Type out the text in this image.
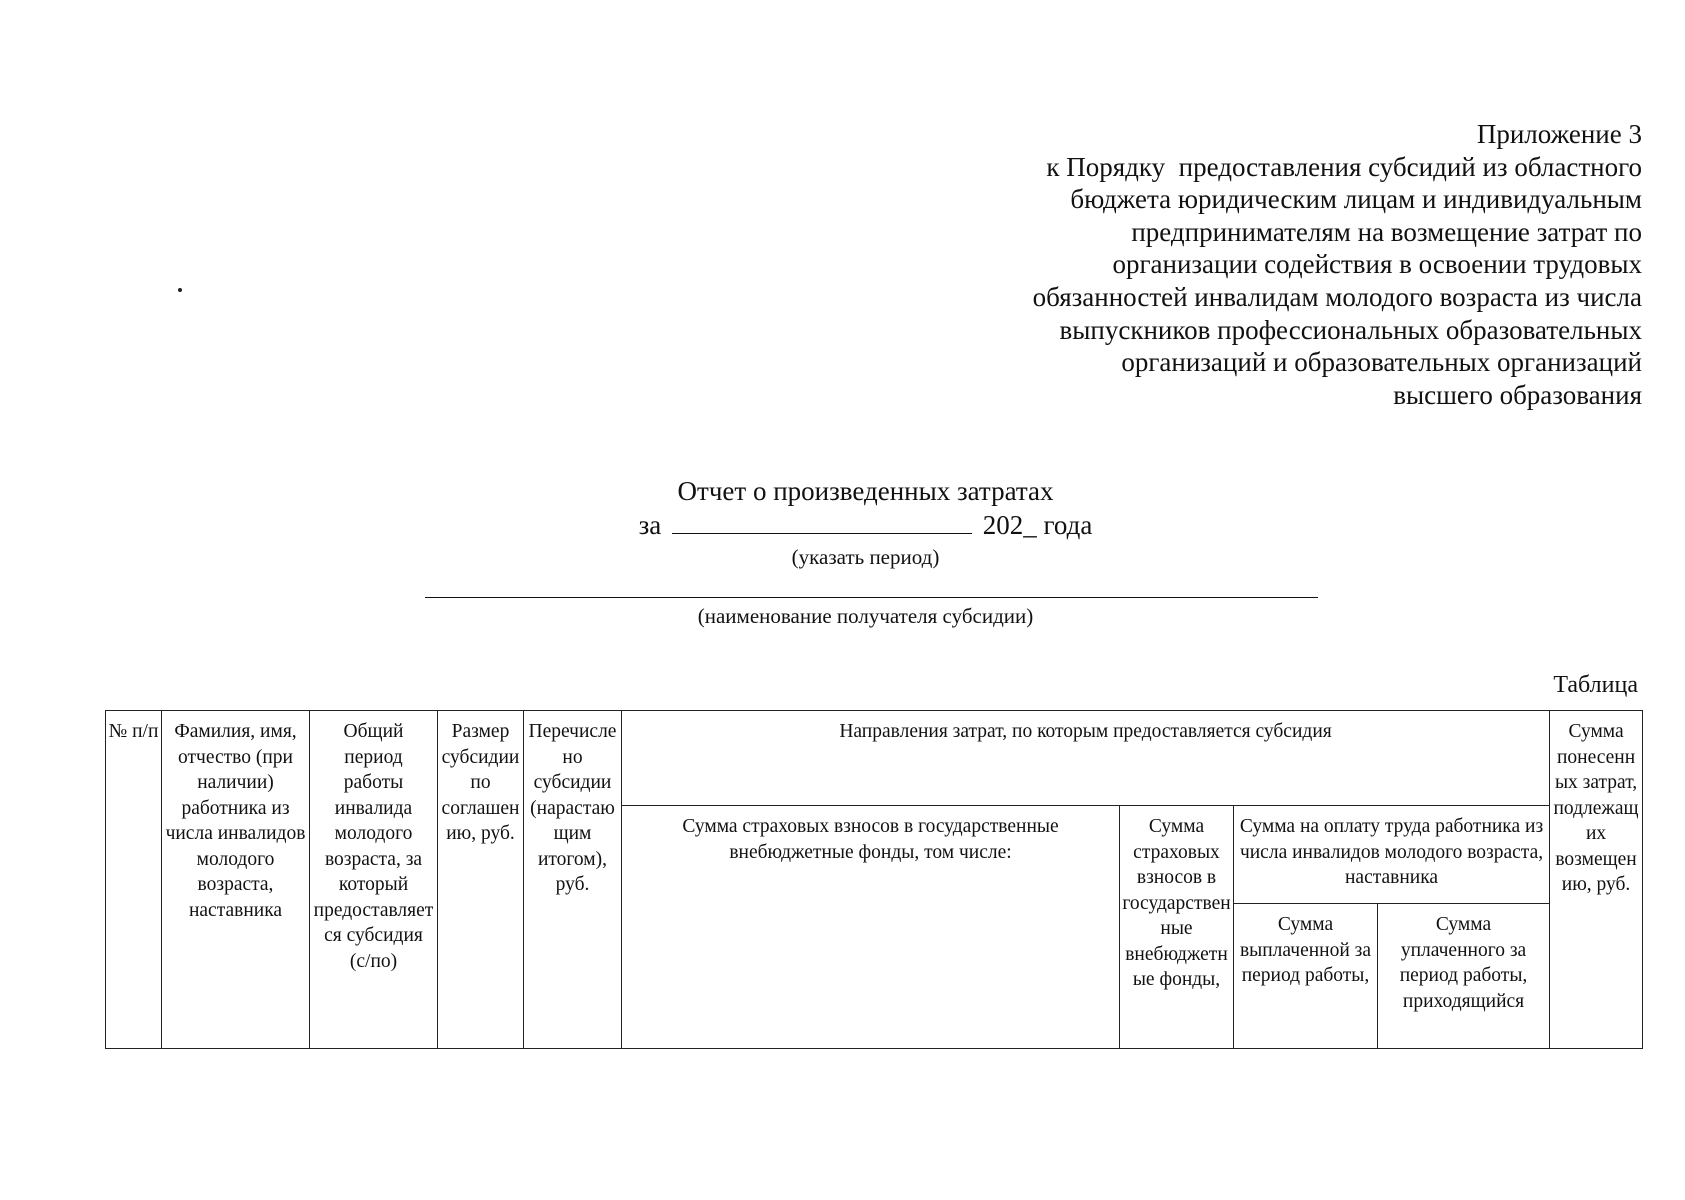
Приложение 3
к Порядку  предоставления субсидий из областного
бюджета юридическим лицам и индивидуальным
предпринимателям на возмещение затрат по
организации содействия в освоении трудовых
обязанностей инвалидам молодого возраста из числа
выпускников профессиональных образовательных
организаций и образовательных организаций
высшего образования
Отчет о произведенных затратах
за	202_ года
(указать период)
(наименование получателя субсидии)
Таблица
№ п/п	Фамилия, имя, отчество (при наличии) работника из числа инвалидов молодого возраста, наставника	Общий период работы инвалида молодого возраста, за который предоставляется субсидия (с/по)	Размер субсидии по соглашению, руб.	Перечислено субсидии (нарастающим итогом), руб.	Направления затрат, по которым предоставляется субсидия				Сумма понесенных затрат, подлежащих возмещению, руб.
					Сумма страховых взносов в государственные внебюджетные фонды, том числе:	Сумма страховых взносов в государственные внебюджетные фонды,	Сумма на оплату труда работника из числа инвалидов молодого возраста, наставника		
							Сумма выплаченной за период работы,	Сумма уплаченного за период работы, приходящийся	
